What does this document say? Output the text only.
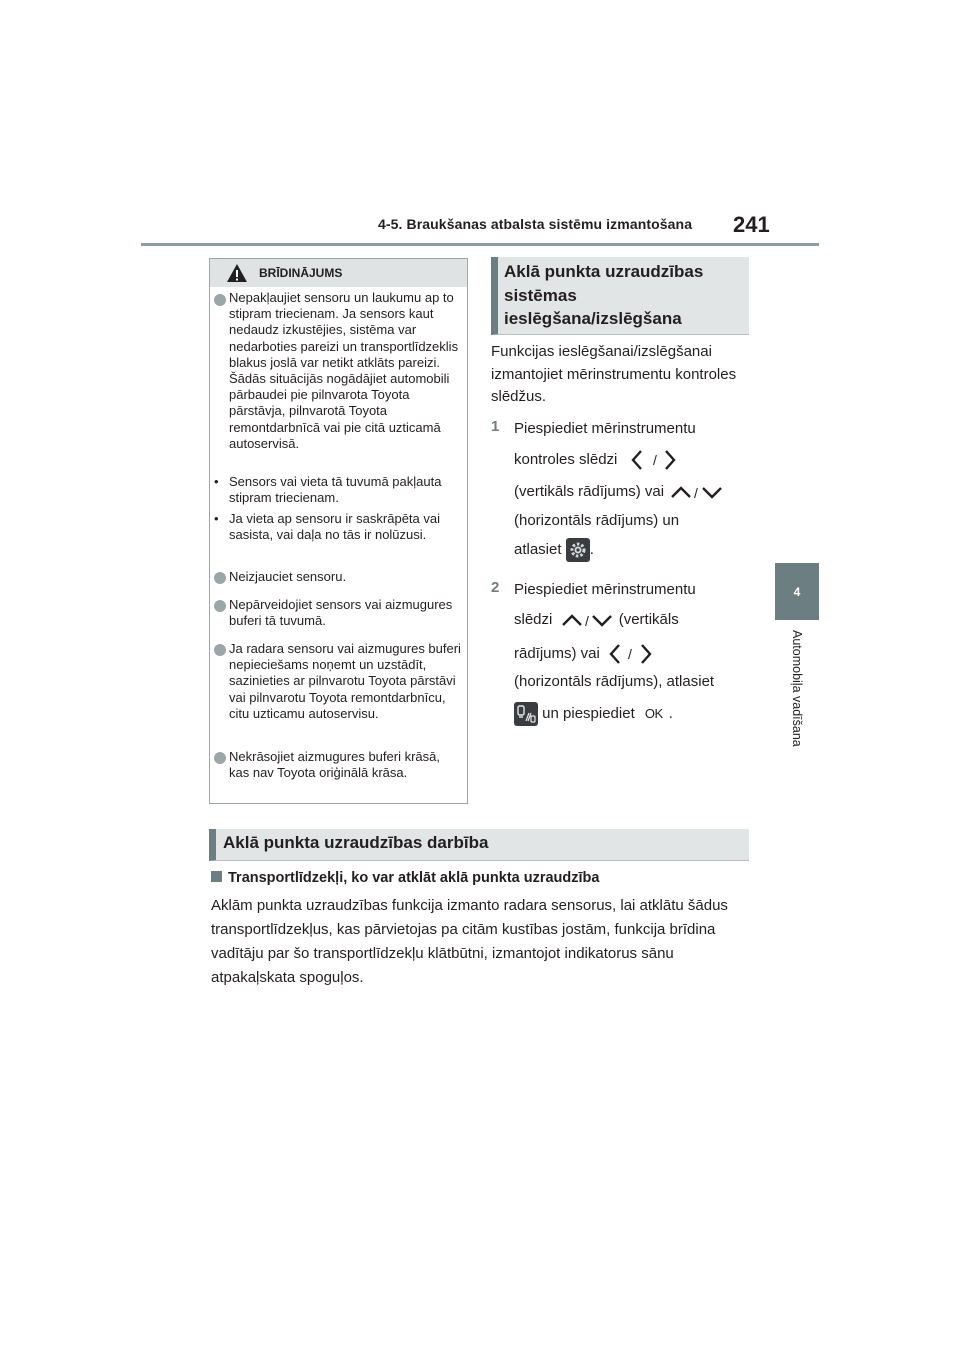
4-5. Braukšanas atbalsta sistēmu izmantošana 241
4
Automobiļa vadīšana
BRĪDINĀJUMS
Nepakļaujiet sensoru un laukumu ap to stipram triecienam. Ja sensors kaut nedaudz izkustējies, sistēma var nedarboties pareizi un transportlīdzeklis blakus joslā var netikt atklāts pareizi. Šādās situācijās nogādājiet automobili pārbaudei pie pilnvarota Toyota pārstāvja, pilnvarotā Toyota remontdarbnīcā vai pie citā uzticamā autoservisā.
• Sensors vai vieta tā tuvumā pakļauta stipram triecienam.
• Ja vieta ap sensoru ir saskrāpēta vai sasista, vai daļa no tās ir nolūzusi.
Neizjauciet sensoru.
Nepārveidojiet sensors vai aizmugures buferi tā tuvumā.
Ja radara sensoru vai aizmugures buferi nepieciešams noņemt un uzstādīt, sazinieties ar pilnvarotu Toyota pārstāvi vai pilnvarotu Toyota remontdarbnīcu, citu uzticamu autoservisu.
Nekrāsojiet aizmugures buferi krāsā, kas nav Toyota oriģinālā krāsa.
Aklā punkta uzraudzības sistēmas ieslēgšana/izslēgšana
Funkcijas ieslēgšanai/izslēgšanai izmantojiet mērinstrumentu kontroles slēdžus.
1 Piespiediet mērinstrumentu
kontroles slēdzi	/
(vertikāls rādījums) vai /
(horizontāls rādījums) un
atlasiet .
2 Piespiediet mērinstrumentu
slēdzi / (vertikāls
rādījums) vai /
(horizontāls rādījums), atlasiet
un piespiediet OK .
Aklā punkta uzraudzības darbība
Transportlīdzekļi, ko var atklāt aklā punkta uzraudzība
Aklām punkta uzraudzības funkcija izmanto radara sensorus, lai atklātu šādus transportlīdzekļus, kas pārvietojas pa citām kustības jostām, funkcija brīdina vadītāju par šo transportlīdzekļu klātbūtni, izmantojot indikatorus sānu atpakaļskata spoguļos.
